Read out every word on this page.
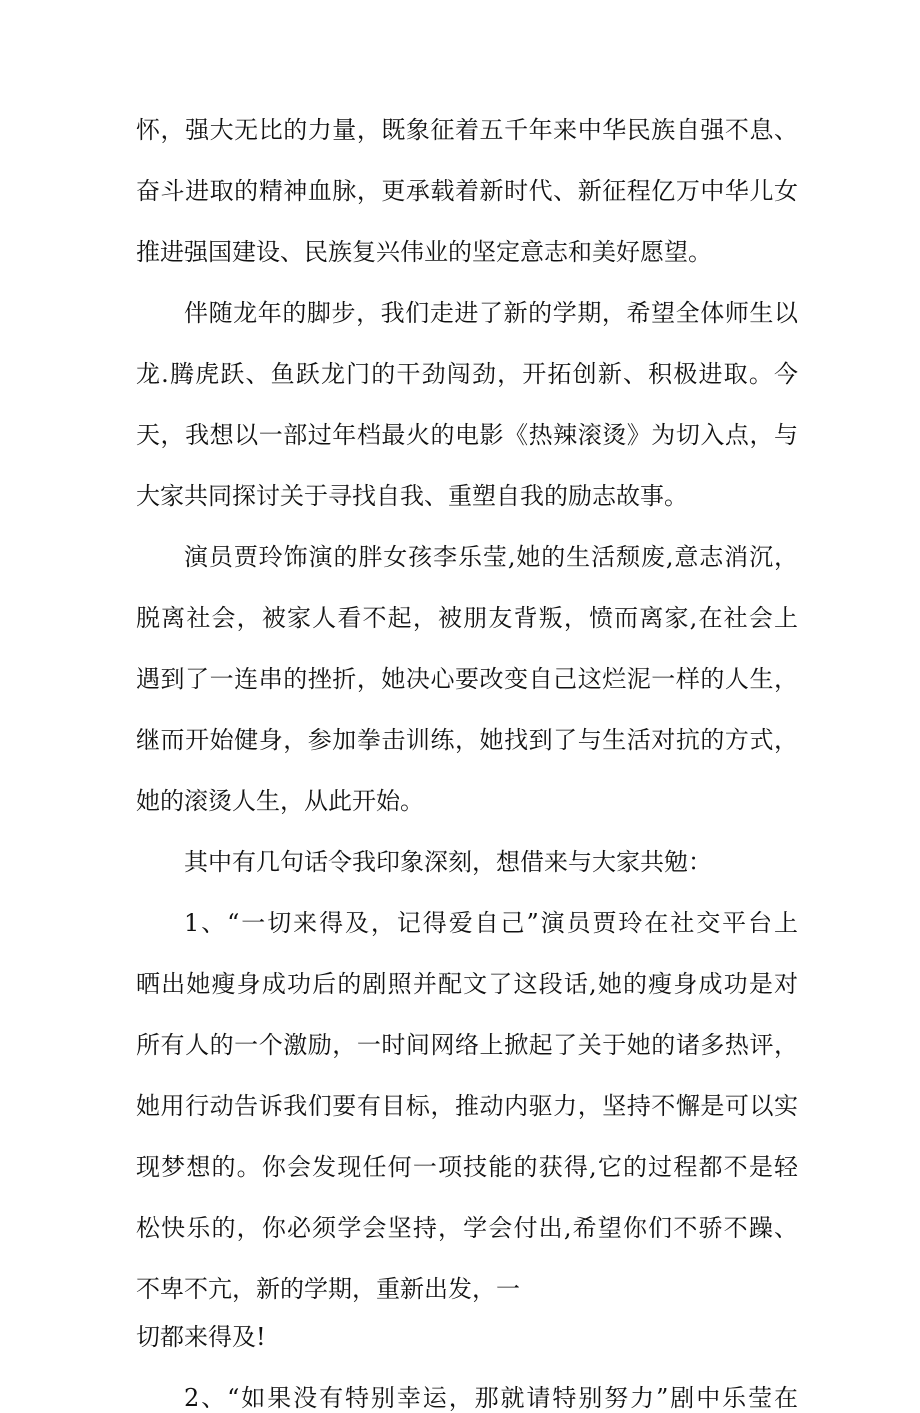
怀，强大无比的力量，既象征着五千年来中华民族自强不息、
奋斗进取的精神血脉，更承载着新时代、新征程亿万中华儿女
推进强国建设、民族复兴伟业的坚定意志和美好愿望。
伴随龙年的脚步，我们走进了新的学期，希望全体师生以
龙.腾虎跃、鱼跃龙门的干劲闯劲，开拓创新、积极进取。今
天，我想以一部过年档最火的电影《热辣滚烫》为切入点，与
大家共同探讨关于寻找自我、重塑自我的励志故事。
演员贾玲饰演的胖女孩李乐莹,她的生活颓废,意志消沉，
脱离社会，被家人看不起，被朋友背叛，愤而离家,在社会上
遇到了一连串的挫折，她决心要改变自己这烂泥一样的人生，
继而开始健身，参加拳击训练，她找到了与生活对抗的方式，
她的滚烫人生，从此开始。
其中有几句话令我印象深刻，想借来与大家共勉：
1、“一切来得及，记得爱自己”演员贾玲在社交平台上
晒出她瘦身成功后的剧照并配文了这段话,她的瘦身成功是对
所有人的一个激励，一时间网络上掀起了关于她的诸多热评，
她用行动告诉我们要有目标，推动内驱力，坚持不懈是可以实
现梦想的。你会发现任何一项技能的获得,它的过程都不是轻
松快乐的，你必须学会坚持，学会付出,希望你们不骄不躁、
不卑不亢，新的学期，重新出发，一
切都来得及!
2、“如果没有特别幸运，那就请特别努力”剧中乐莹在
